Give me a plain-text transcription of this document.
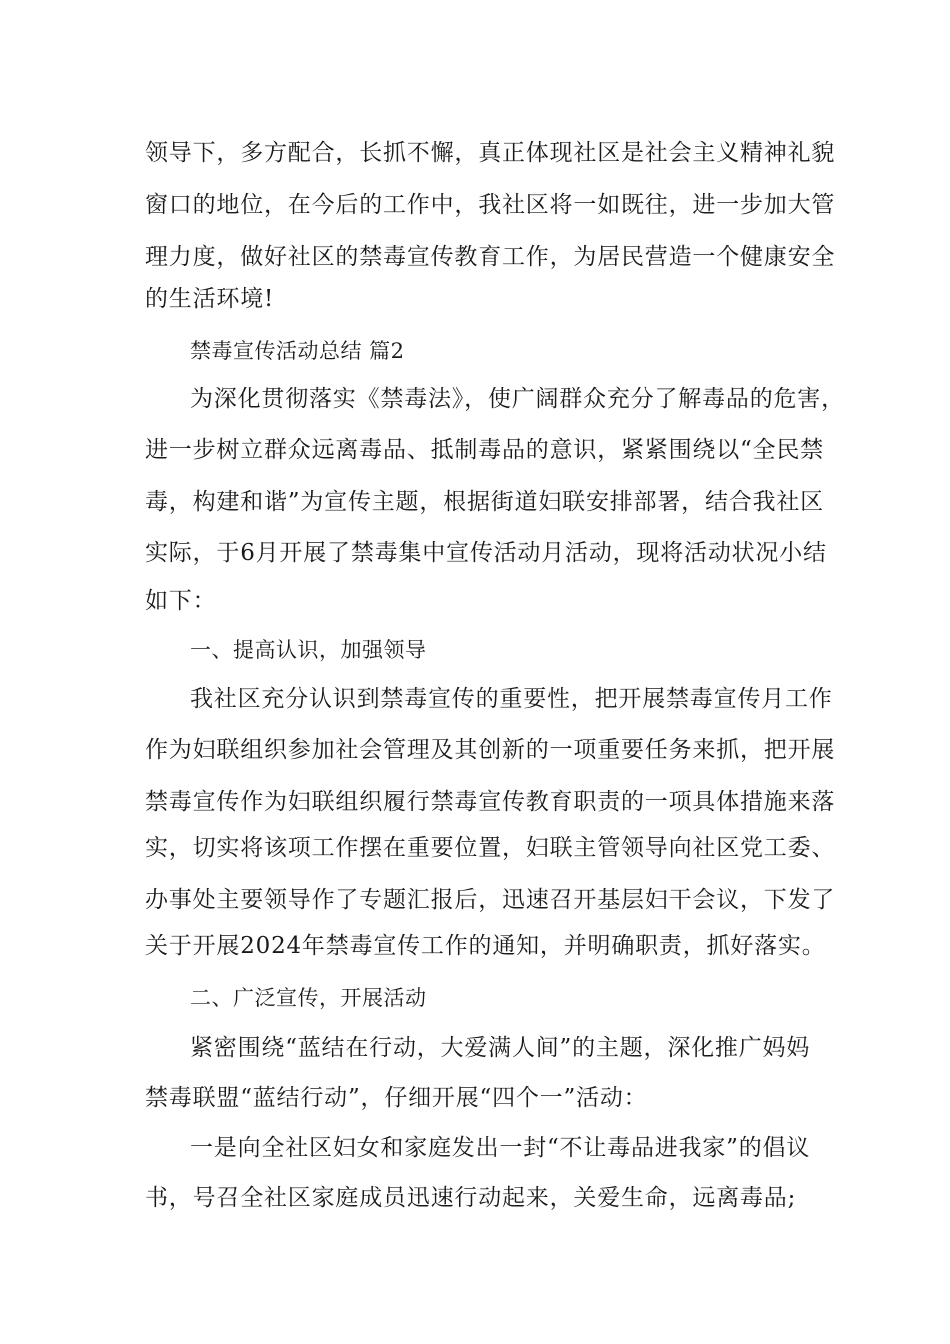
领导下，多方配合，长抓不懈，真正体现社区是社会主义精神礼貌
窗口的地位，在今后的工作中，我社区将一如既往，进一步加大管
理力度，做好社区的禁毒宣传教育工作，为居民营造一个健康安全
的生活环境!
禁毒宣传活动总结 篇2
为深化贯彻落实《禁毒法》，使广阔群众充分了解毒品的危害，
进一步树立群众远离毒品、抵制毒品的意识，紧紧围绕以“全民禁
毒，构建和谐”为宣传主题，根据街道妇联安排部署，结合我社区
实际，于6月开展了禁毒集中宣传活动月活动，现将活动状况小结
如下：
一、提高认识，加强领导
我社区充分认识到禁毒宣传的重要性，把开展禁毒宣传月工作
作为妇联组织参加社会管理及其创新的一项重要任务来抓，把开展
禁毒宣传作为妇联组织履行禁毒宣传教育职责的一项具体措施来落
实，切实将该项工作摆在重要位置，妇联主管领导向社区党工委、
办事处主要领导作了专题汇报后，迅速召开基层妇干会议，下发了
关于开展2024年禁毒宣传工作的通知，并明确职责，抓好落实。
二、广泛宣传，开展活动
紧密围绕“蓝结在行动，大爱满人间”的主题，深化推广妈妈
禁毒联盟“蓝结行动”，仔细开展“四个一”活动：
一是向全社区妇女和家庭发出一封“不让毒品进我家”的倡议
书，号召全社区家庭成员迅速行动起来，关爱生命，远离毒品;
